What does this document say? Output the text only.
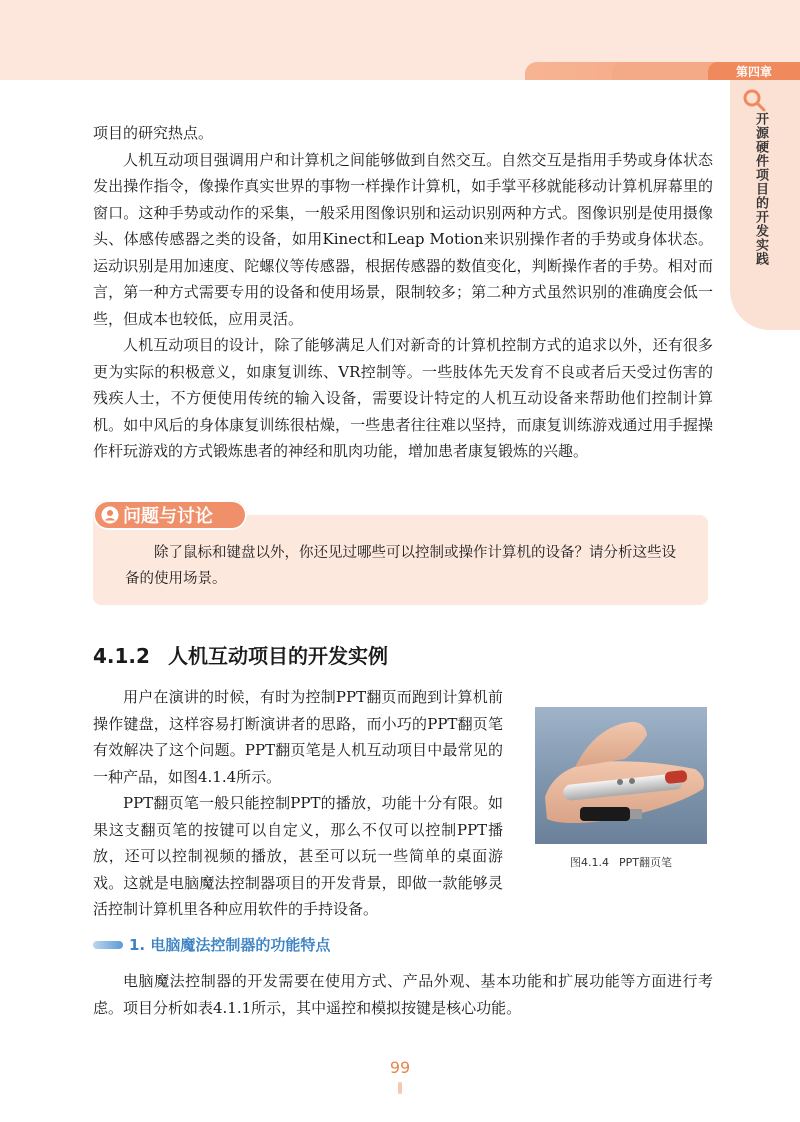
第四章
开源硬件项目的开发实践

项目的研究热点。

人机互动项目强调用户和计算机之间能够做到自然交互。自然交互是指用手势或身体状态发出操作指令，像操作真实世界的事物一样操作计算机，如手掌平移就能移动计算机屏幕里的窗口。这种手势或动作的采集，一般采用图像识别和运动识别两种方式。图像识别是使用摄像头、体感传感器之类的设备，如用Kinect和Leap Motion来识别操作者的手势或身体状态。运动识别是用加速度、陀螺仪等传感器，根据传感器的数值变化，判断操作者的手势。相对而言，第一种方式需要专用的设备和使用场景，限制较多；第二种方式虽然识别的准确度会低一些，但成本也较低，应用灵活。

人机互动项目的设计，除了能够满足人们对新奇的计算机控制方式的追求以外，还有很多更为实际的积极意义，如康复训练、VR控制等。一些肢体先天发育不良或者后天受过伤害的残疾人士，不方便使用传统的输入设备，需要设计特定的人机互动设备来帮助他们控制计算机。如中风后的身体康复训练很枯燥，一些患者往往难以坚持，而康复训练游戏通过用手握操作杆玩游戏的方式锻炼患者的神经和肌肉功能，增加患者康复锻炼的兴趣。

问题与讨论

除了鼠标和键盘以外，你还见过哪些可以控制或操作计算机的设备？请分析这些设备的使用场景。

4.1.2 人机互动项目的开发实例

用户在演讲的时候，有时为控制PPT翻页而跑到计算机前操作键盘，这样容易打断演讲者的思路，而小巧的PPT翻页笔有效解决了这个问题。PPT翻页笔是人机互动项目中最常见的一种产品，如图4.1.4所示。

PPT翻页笔一般只能控制PPT的播放，功能十分有限。如果这支翻页笔的按键可以自定义，那么不仅可以控制PPT播放，还可以控制视频的播放，甚至可以玩一些简单的桌面游戏。这就是电脑魔法控制器项目的开发背景，即做一款能够灵活控制计算机里各种应用软件的手持设备。

图4.1.4 PPT翻页笔
1. 电脑魔法控制器的功能特点

电脑魔法控制器的开发需要在使用方式、产品外观、基本功能和扩展功能等方面进行考虑。项目分析如表4.1.1所示，其中遥控和模拟按键是核心功能。

99
